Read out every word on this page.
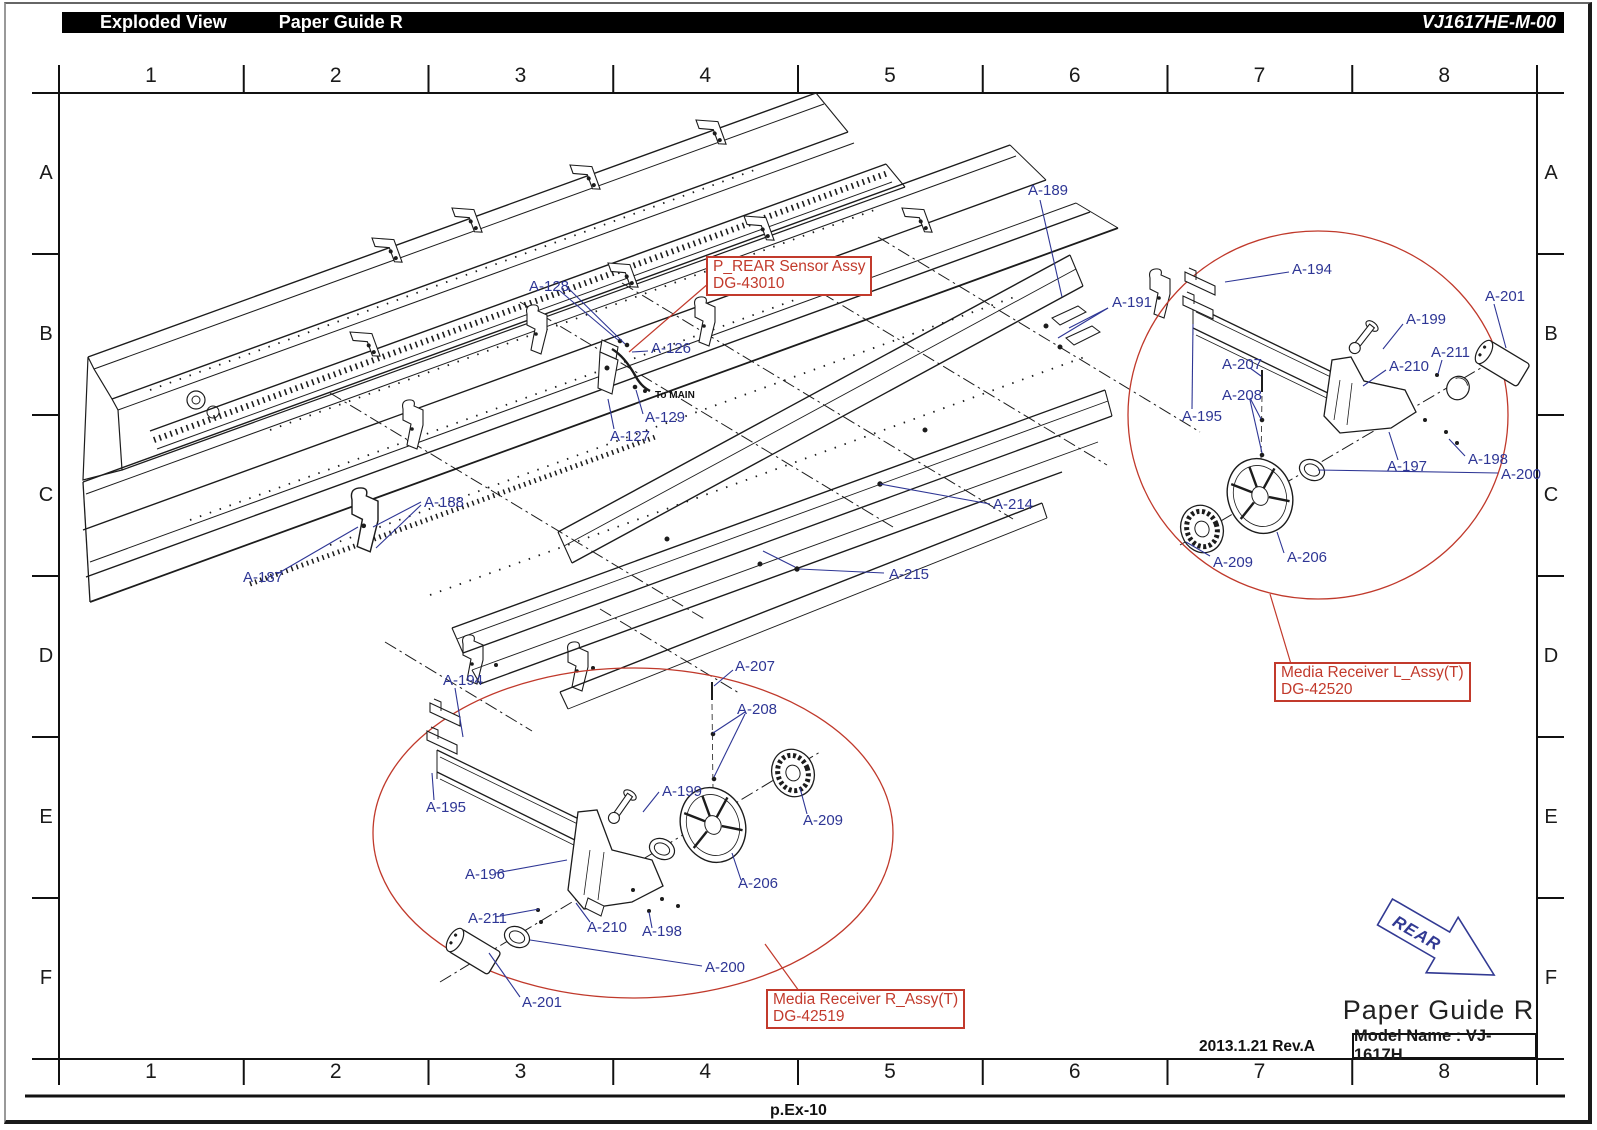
Exploded View	Paper Guide R	VJ1617HE-M-00
REAR
1
1
2
2
3
3
4
4
5
5
6
6
7
7
8
8
A	A
B	B
C	C
D	D
E	E
F	F
A-128
A-126
A-129
A-127
A-188
A-187
A-189
A-191
A-214
A-215
A-194
A-201
A-199
A-211
A-210
A-207
A-208
A-195
A-197	A-198
A-200
A-209 A-206
A-194
A-207
A-208
A-199
A-195
A-209
A-196
A-206
A-211
A-210 A-198
A-200
A-201
P_REAR Sensor Assy
DG-43010
Media Receiver L_Assy(T)
DG-42520
Media Receiver R_Assy(T)
DG-42519
To MAIN
2013.1.21 Rev.A
Model Name : VJ-1617H
Paper Guide R
p.Ex-10
